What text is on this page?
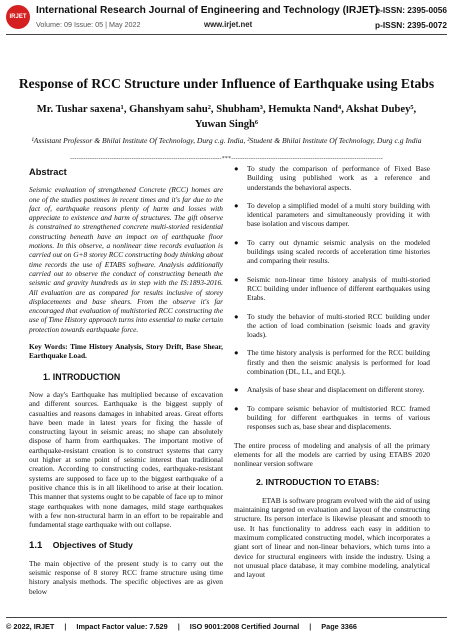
IRJET
International Research Journal of Engineering and Technology (IRJET)
e-ISSN: 2395-0056
Volume: 09 Issue: 05 | May 2022	www.irjet.net	p-ISSN: 2395-0072
Response of RCC Structure under Influence of Earthquake using Etabs
Mr. Tushar saxena¹, Ghanshyam sahu², Shubham³, Hemukta Nand⁴, Akshat Dubey⁵, Yuwan Singh⁶
¹Assistant Professor & Bhilai Institute Of Technology, Durg c.g. India, ²Student & Bhilai Institute Of Technology, Durg c.g India
---------------------------------------------------------------------***---------------------------------------------------------------------
Abstract

Seismic evaluation of strengthened Concrete (RCC) homes are one of the studies pastimes in recent times and it's far due to the fact of, earthquake reasons plenty of harm and losses with appreciate to existence and harm of structures. The gift observe is constrained to strengthened concrete multi-storied residential constructing beneath have an impact on of earthquake floor motions. In this observe, a nonlinear time records evaluation is carried out on G+8 storey RCC constructing body thinking about time records the use of ETABS software. Analysis additionally carried out to observe the conduct of constructing beneath the seismic and gravity hundreds as in step with the IS:1893-2016. All evaluation are as compared for results inclusive of storey displacements and base shears. From the observe it's far encouraged that evaluation of multistoried RCC constructing the use of Time History approach turns into essential to make certain protection towards earthquake force.

Key Words: Time History Analysis, Story Drift, Base Shear, Earthquake Load.

1. INTRODUCTION

Now a day's Earthquake has multiplied because of excavation and different sources. Earthquake is the biggest supply of casualties and reasons damages in inhabited areas. Great efforts have been made in latest years for fixing the hassle of constructing layout in seismic areas; no shape can absolutely dispose of harm from earthquakes. The important motive of earthquake-resistant creation is to construct systems that carry out higher at some point of seismic interest than traditional creation. According to constructing codes, earthquake-resistant systems are supposed to face up to the biggest earthquake of a positive chance this is in all likelihood to arise at their location. This manner that systems ought to be capable of face up to minor stage earthquakes with none damages, mild stage earthquakes with a few non-structural harm in an effort to be repairable and fundamental stage earthquake with out collapse.

1.1 Objectives of Study

The main objective of the present study is to carry out the seismic response of 8 storey RCC frame structure using time history analysis methods. The specific objectives are as given below

● To study the comparison of performance of Fixed Base Building using published work as a reference and understands the behavioral aspects.
● To develop a simplified model of a multi story building with identical parameters and simultaneously providing it with base isolation and viscous damper.
● To carry out dynamic seismic analysis on the modeled buildings using scaled records of acceleration time histories and comparing their results.
● Seismic non-linear time history analysis of multi-storied RCC building under influence of different earthquakes using Etabs.
● To study the behavior of multi-storied RCC building under the action of load combination (seismic loads and gravity loads).
● The time history analysis is performed for the RCC building firstly and then the seismic analysis is performed for load combination (DL, LL, and EQL).
● Analysis of base shear and displacement on different storey.
● To compare seismic behavior of multistoried RCC framed building for different earthquakes in terms of various responses such as, base shear and displacements.

The entire process of modeling and analysis of all the primary elements for all the models are carried by using ETABS 2020 nonlinear version software

2. INTRODUCTION TO ETABS:

ETAB is software program evolved with the aid of using maintaining targeted on evaluation and layout of the constructing structure. Its person interface is likewise pleasant and smooth to use. It has functionality to address each easy in addition to maximum complicated constructing model, which incorporates a giant sort of linear and non-linear behaviors, which turns into a device for structural engineers with inside the industry. Using a not unusual place database, it may combine modeling, analytical and layout

© 2022, IRJET | Impact Factor value: 7.529 | ISO 9001:2008 Certified Journal | Page 3366
